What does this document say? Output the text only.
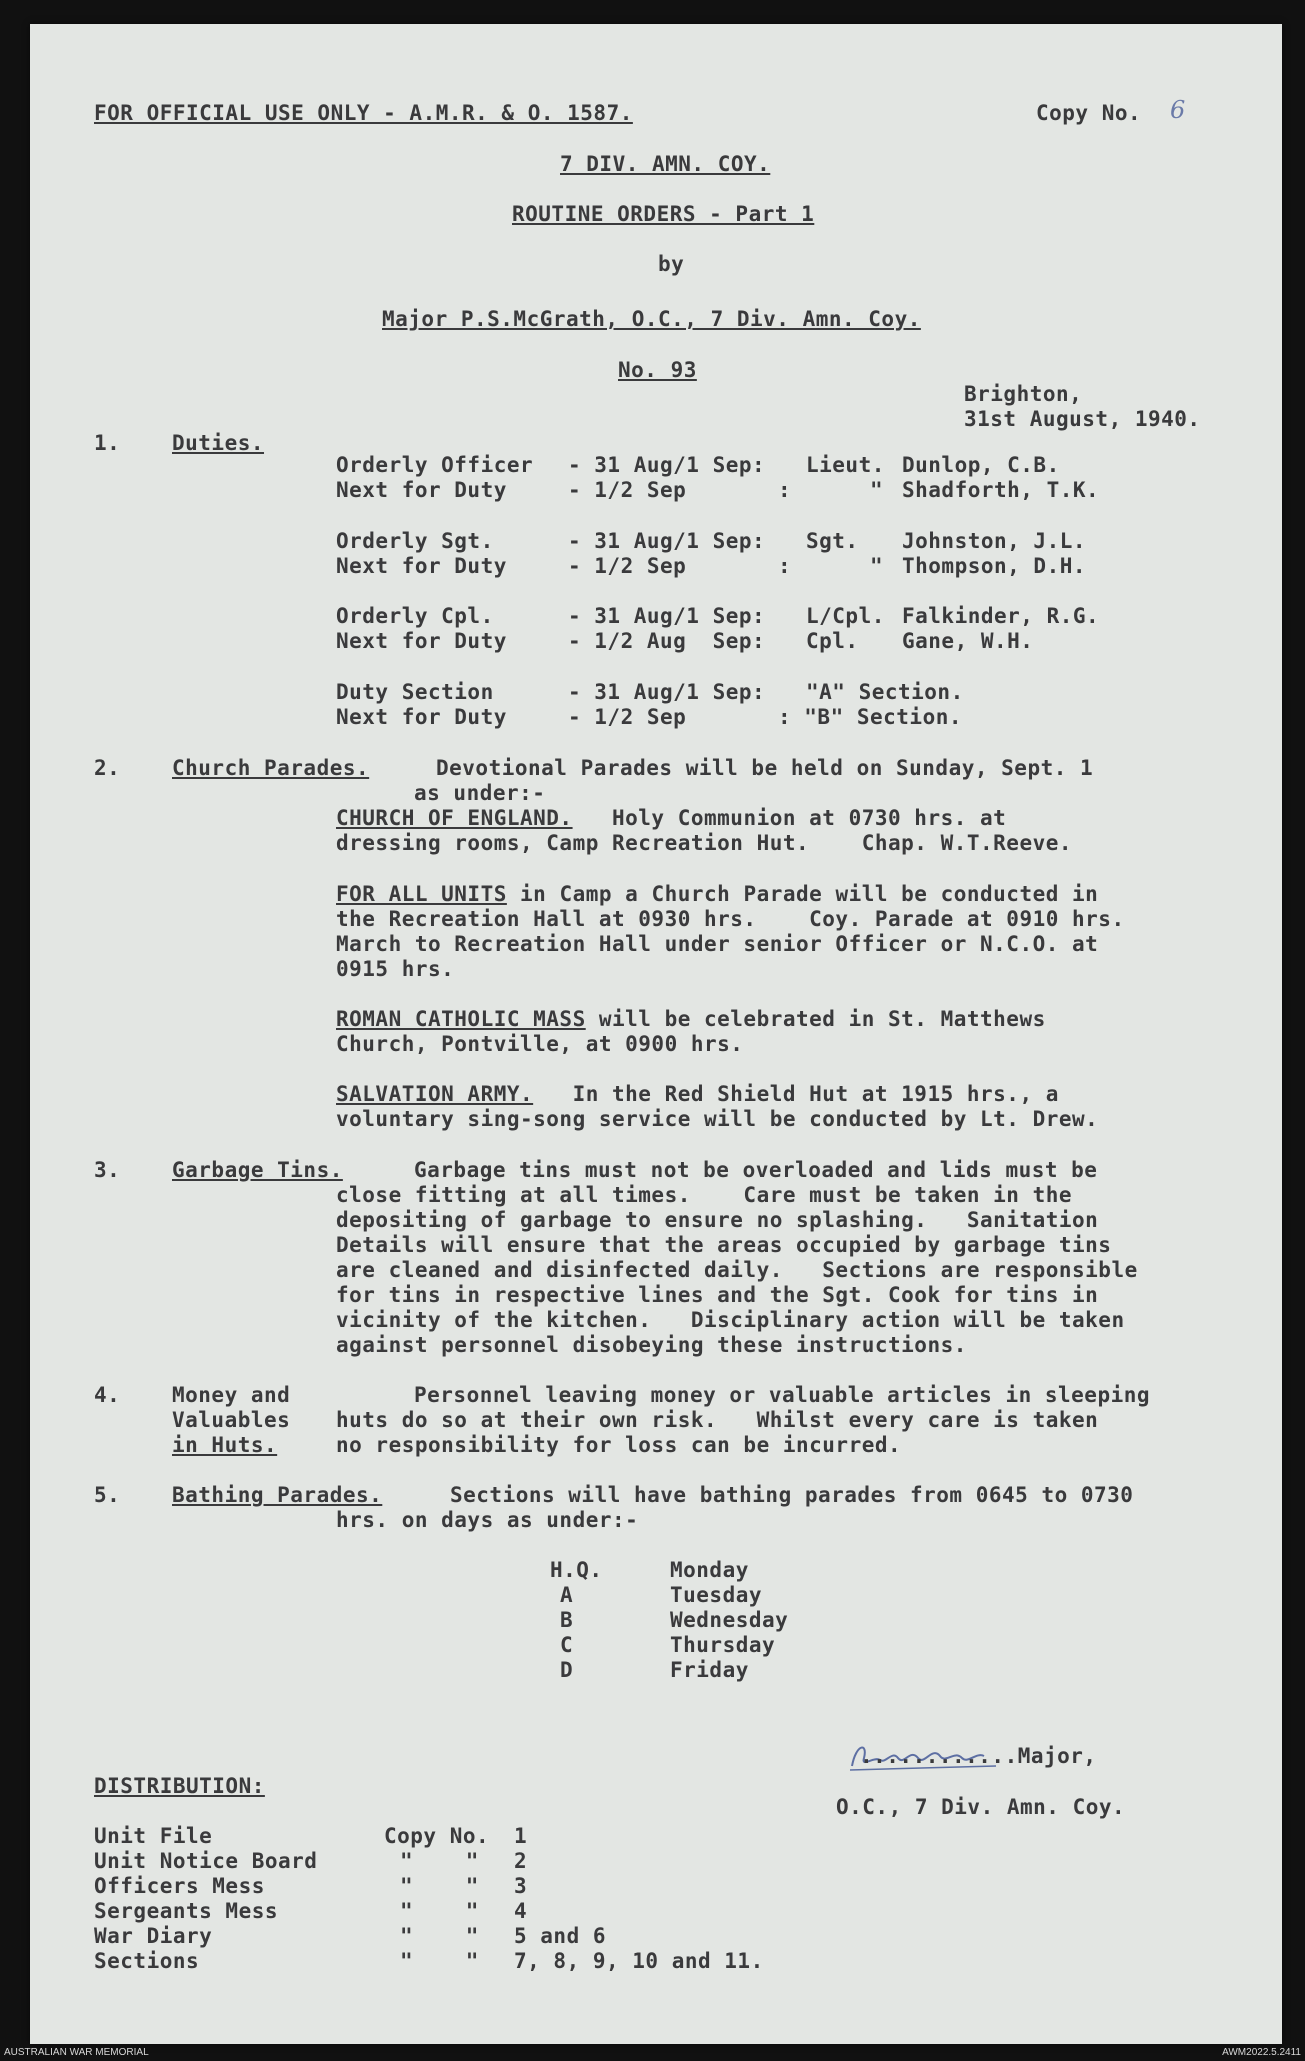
FOR OFFICIAL USE ONLY - A.M.R. & O. 1587.	Copy No. 6
7 DIV. AMN. COY.
ROUTINE ORDERS - Part 1
by
Major P.S.McGrath, O.C., 7 Div. Amn. Coy.
No. 93
Brighton,
31st August, 1940.
1. Duties.
Orderly Officer - 31 Aug/1 Sep: Lieut. Dunlop, C.B.
Next for Duty	- 1/2 Sep	:      " Shadforth, T.K.
Orderly Sgt.	- 31 Aug/1 Sep: Sgt. Johnston, J.L.
Next for Duty	- 1/2 Sep	:      " Thompson, D.H.
Orderly Cpl.	- 31 Aug/1 Sep: L/Cpl. Falkinder, R.G.
Next for Duty	- 1/2 Aug  Sep: Cpl. Gane, W.H.
Duty Section	- 31 Aug/1 Sep: "A" Section.
Next for Duty	- 1/2 Sep	: "B" Section.
2. Church Parades.	Devotional Parades will be held on Sunday, Sept. 1
as under:-
CHURCH OF ENGLAND.   Holy Communion at 0730 hrs. at
dressing rooms, Camp Recreation Hut.    Chap. W.T.Reeve.
FOR ALL UNITS in Camp a Church Parade will be conducted in
the Recreation Hall at 0930 hrs.    Coy. Parade at 0910 hrs.
March to Recreation Hall under senior Officer or N.C.O. at
0915 hrs.
ROMAN CATHOLIC MASS will be celebrated in St. Matthews
Church, Pontville, at 0900 hrs.
SALVATION ARMY.   In the Red Shield Hut at 1915 hrs., a
voluntary sing-song service will be conducted by Lt. Drew.
3. Garbage Tins.	Garbage tins must not be overloaded and lids must be
close fitting at all times.    Care must be taken in the
depositing of garbage to ensure no splashing.   Sanitation
Details will ensure that the areas occupied by garbage tins
are cleaned and disinfected daily.   Sections are responsible
for tins in respective lines and the Sgt. Cook for tins in
vicinity of the kitchen.   Disciplinary action will be taken
against personnel disobeying these instructions.
4. Money and
Valuables
in Huts.
Personnel leaving money or valuable articles in sleeping
huts do so at their own risk.   Whilst every care is taken
no responsibility for loss can be incurred.
5. Bathing Parades.	Sections will have bathing parades from 0645 to 0730
hrs. on days as under:-
H.Q.	Monday
A	Tuesday
B	Wednesday
C	Thursday
D	Friday
............Major,
O.C., 7 Div. Amn. Coy.
DISTRIBUTION:
Unit File	Copy No. 1
Unit Notice Board	"    " 2
Officers Mess	"    " 3
Sergeants Mess	"    " 4
War Diary	"    " 5 and 6
Sections	"    " 7, 8, 9, 10 and 11.
AUSTRALIAN WAR MEMORIAL	AWM2022.5.2411
